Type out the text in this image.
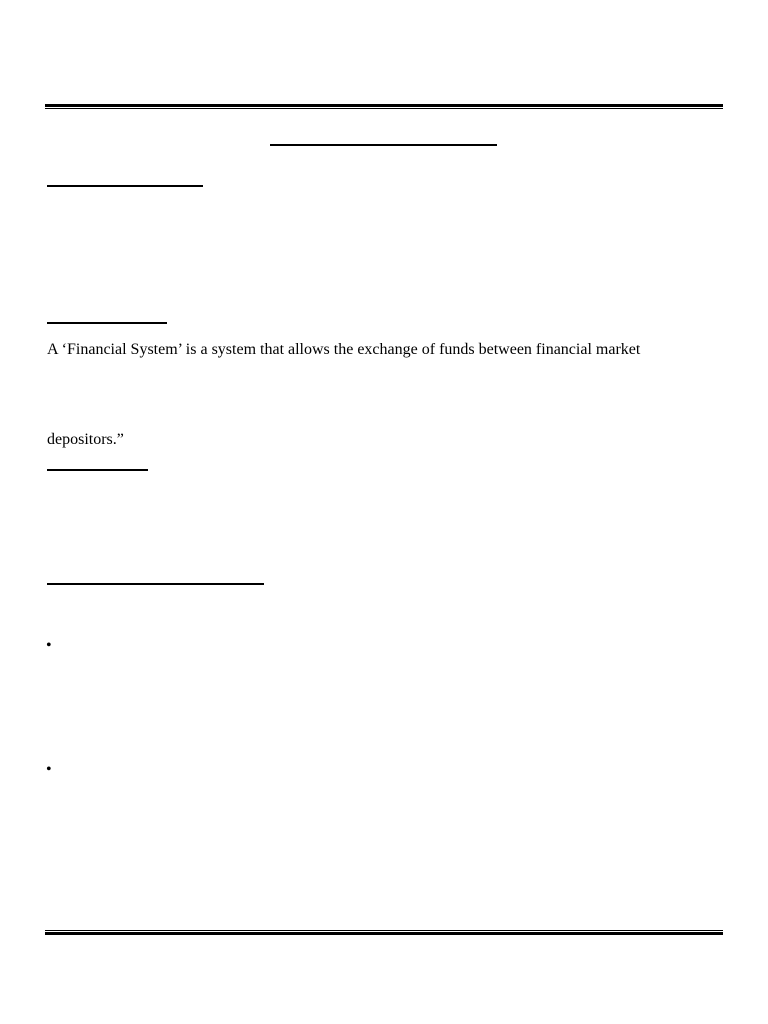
A ‘Financial System’ is a system that allows the exchange of funds between financial market
depositors.”
•
•
